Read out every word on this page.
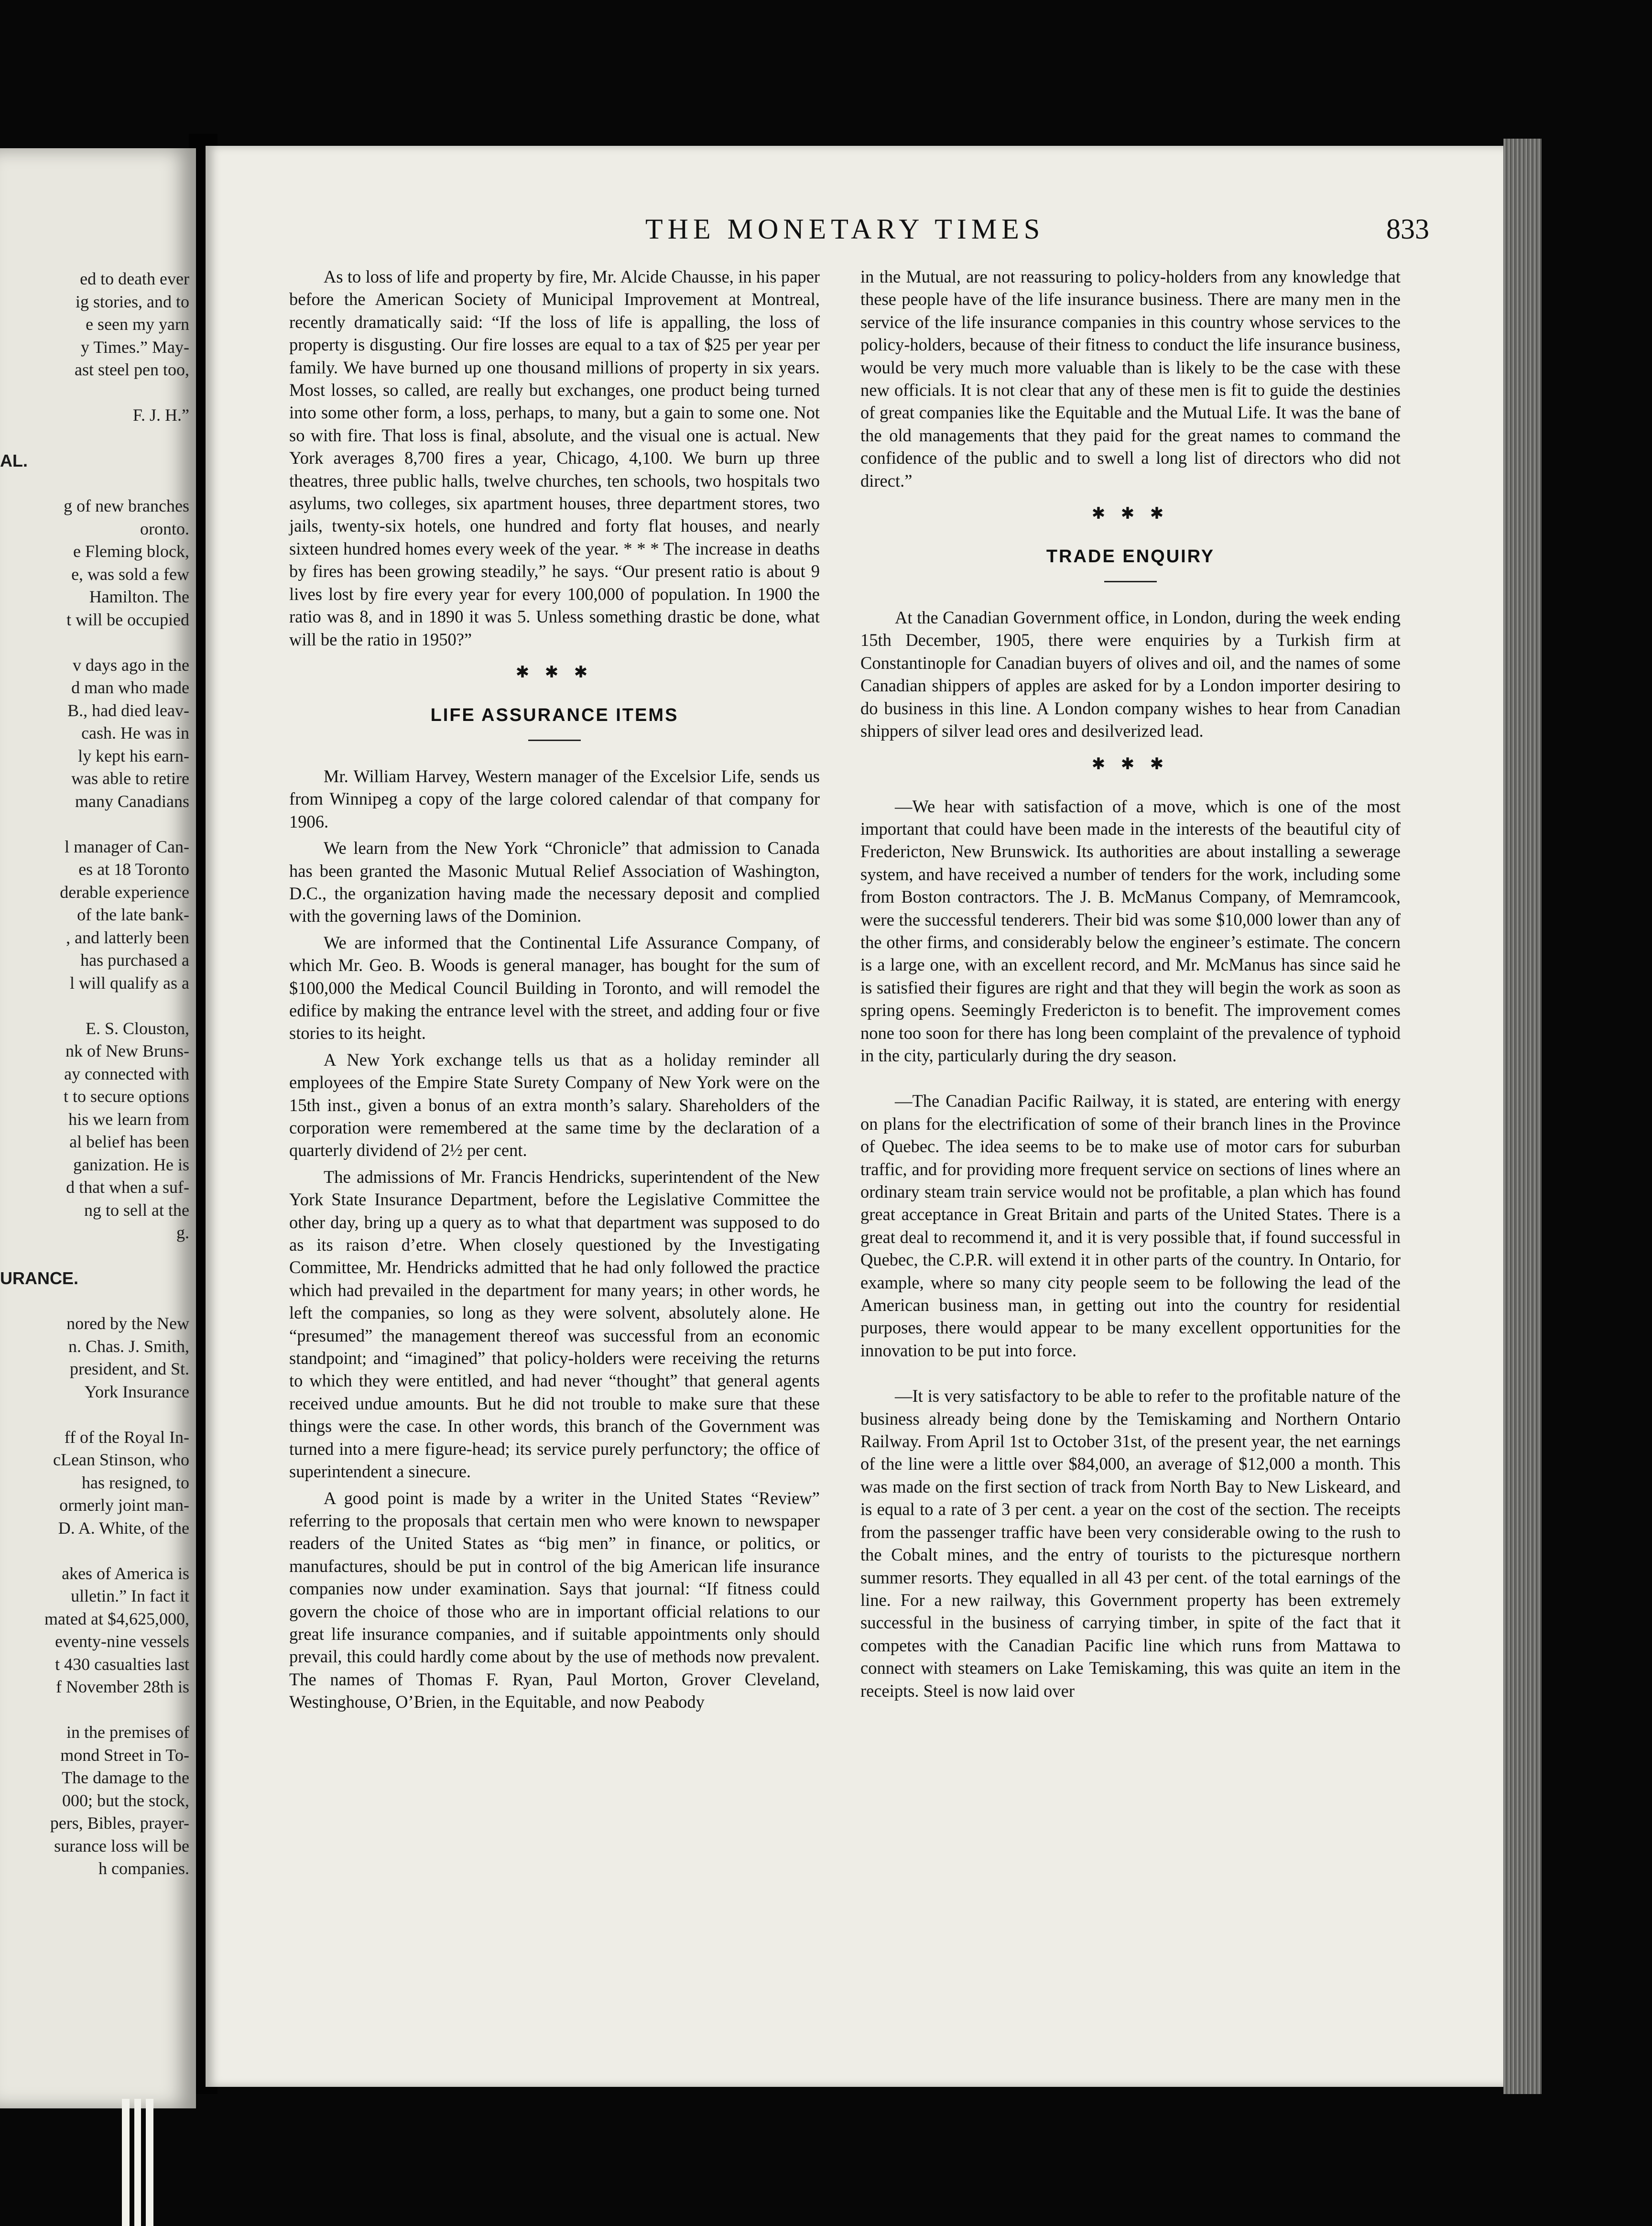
ed to death ever
ig stories, and to
e seen my yarn
y Times.” May-
ast steel pen too,
F. J. H.”
AL.
g of new branches
oronto.
e Fleming block,
e, was sold a few
Hamilton. The
t will be occupied
v days ago in the
d man who made
B., had died leav-
cash. He was in
ly kept his earn-
was able to retire
many Canadians
l manager of Can-
es at 18 Toronto
derable experience
of the late bank-
, and latterly been
has purchased a
l will qualify as a
E. S. Clouston,
nk of New Bruns-
ay connected with
t to secure options
his we learn from
al belief has been
ganization. He is
d that when a suf-
ng to sell at the
g.
URANCE.
nored by the New
n. Chas. J. Smith,
president, and St.
York Insurance
ff of the Royal In-
cLean Stinson, who
has resigned, to
ormerly joint man-
D. A. White, of the
akes of America is
ulletin.” In fact it
mated at $4,625,000,
eventy-nine vessels
t 430 casualties last
f November 28th is
in the premises of
mond Street in To-
The damage to the
000; but the stock,
pers, Bibles, prayer-
surance loss will be
h companies.
THE MONETARY TIMES	833

As to loss of life and property by fire, Mr. Alcide Chausse, in his paper before the American Society of Municipal Improvement at Montreal, recently dramatically said: “If the loss of life is appalling, the loss of property is disgusting. Our fire losses are equal to a tax of $25 per year per family. We have burned up one thousand millions of property in six years. Most losses, so called, are really but exchanges, one product being turned into some other form, a loss, perhaps, to many, but a gain to some one. Not so with fire. That loss is final, absolute, and the visual one is actual. New York averages 8,700 fires a year, Chicago, 4,100. We burn up three theatres, three public halls, twelve churches, ten schools, two hospitals two asylums, two colleges, six apartment houses, three department stores, two jails, twenty-six hotels, one hundred and forty flat houses, and nearly sixteen hundred homes every week of the year. * * * The increase in deaths by fires has been growing steadily,” he says. “Our present ratio is about 9 lives lost by fire every year for every 100,000 of population. In 1900 the ratio was 8, and in 1890 it was 5. Unless something drastic be done, what will be the ratio in 1950?”

✱ ✱ ✱
LIFE ASSURANCE ITEMS

Mr. William Harvey, Western manager of the Excelsior Life, sends us from Winnipeg a copy of the large colored calendar of that company for 1906.

We learn from the New York “Chronicle” that admission to Canada has been granted the Masonic Mutual Relief Association of Washington, D.C., the organization having made the necessary deposit and complied with the governing laws of the Dominion.

We are informed that the Continental Life Assurance Company, of which Mr. Geo. B. Woods is general manager, has bought for the sum of $100,000 the Medical Council Building in Toronto, and will remodel the edifice by making the entrance level with the street, and adding four or five stories to its height.

A New York exchange tells us that as a holiday reminder all employees of the Empire State Surety Company of New York were on the 15th inst., given a bonus of an extra month’s salary. Shareholders of the corporation were remembered at the same time by the declaration of a quarterly dividend of 2½ per cent.

The admissions of Mr. Francis Hendricks, superintendent of the New York State Insurance Department, before the Legislative Committee the other day, bring up a query as to what that department was supposed to do as its raison d’etre. When closely questioned by the Investigating Committee, Mr. Hendricks admitted that he had only followed the practice which had prevailed in the department for many years; in other words, he left the companies, so long as they were solvent, absolutely alone. He “presumed” the management thereof was successful from an economic standpoint; and “imagined” that policy-holders were receiving the returns to which they were entitled, and had never “thought” that general agents received undue amounts. But he did not trouble to make sure that these things were the case. In other words, this branch of the Government was turned into a mere figure-head; its service purely perfunctory; the office of superintendent a sinecure.

A good point is made by a writer in the United States “Review” referring to the proposals that certain men who were known to newspaper readers of the United States as “big men” in finance, or politics, or manufactures, should be put in control of the big American life insurance companies now under examination. Says that journal: “If fitness could govern the choice of those who are in important official relations to our great life insurance companies, and if suitable appointments only should prevail, this could hardly come about by the use of methods now prevalent. The names of Thomas F. Ryan, Paul Morton, Grover Cleveland, Westinghouse, O’Brien, in the Equitable, and now Peabody

in the Mutual, are not reassuring to policy-holders from any knowledge that these people have of the life insurance business. There are many men in the service of the life insurance companies in this country whose services to the policy-holders, because of their fitness to conduct the life insurance business, would be very much more valuable than is likely to be the case with these new officials. It is not clear that any of these men is fit to guide the destinies of great companies like the Equitable and the Mutual Life. It was the bane of the old managements that they paid for the great names to command the confidence of the public and to swell a long list of directors who did not direct.”

✱ ✱ ✱
TRADE ENQUIRY

At the Canadian Government office, in London, during the week ending 15th December, 1905, there were enquiries by a Turkish firm at Constantinople for Canadian buyers of olives and oil, and the names of some Canadian shippers of apples are asked for by a London importer desiring to do business in this line. A London company wishes to hear from Canadian shippers of silver lead ores and desilverized lead.

✱ ✱ ✱

—We hear with satisfaction of a move, which is one of the most important that could have been made in the interests of the beautiful city of Fredericton, New Brunswick. Its authorities are about installing a sewerage system, and have received a number of tenders for the work, including some from Boston contractors. The J. B. McManus Company, of Memramcook, were the successful tenderers. Their bid was some $10,000 lower than any of the other firms, and considerably below the engineer’s estimate. The concern is a large one, with an excellent record, and Mr. McManus has since said he is satisfied their figures are right and that they will begin the work as soon as spring opens. Seemingly Fredericton is to benefit. The improvement comes none too soon for there has long been complaint of the prevalence of typhoid in the city, particularly during the dry season.

—The Canadian Pacific Railway, it is stated, are entering with energy on plans for the electrification of some of their branch lines in the Province of Quebec. The idea seems to be to make use of motor cars for suburban traffic, and for providing more frequent service on sections of lines where an ordinary steam train service would not be profitable, a plan which has found great acceptance in Great Britain and parts of the United States. There is a great deal to recommend it, and it is very possible that, if found successful in Quebec, the C.P.R. will extend it in other parts of the country. In Ontario, for example, where so many city people seem to be following the lead of the American business man, in getting out into the country for residential purposes, there would appear to be many excellent opportunities for the innovation to be put into force.

—It is very satisfactory to be able to refer to the profitable nature of the business already being done by the Temiskaming and Northern Ontario Railway. From April 1st to October 31st, of the present year, the net earnings of the line were a little over $84,000, an average of $12,000 a month. This was made on the first section of track from North Bay to New Liskeard, and is equal to a rate of 3 per cent. a year on the cost of the section. The receipts from the passenger traffic have been very considerable owing to the rush to the Cobalt mines, and the entry of tourists to the picturesque northern summer resorts. They equalled in all 43 per cent. of the total earnings of the line. For a new railway, this Government property has been extremely successful in the business of carrying timber, in spite of the fact that it competes with the Canadian Pacific line which runs from Mattawa to connect with steamers on Lake Temiskaming, this was quite an item in the receipts. Steel is now laid over
